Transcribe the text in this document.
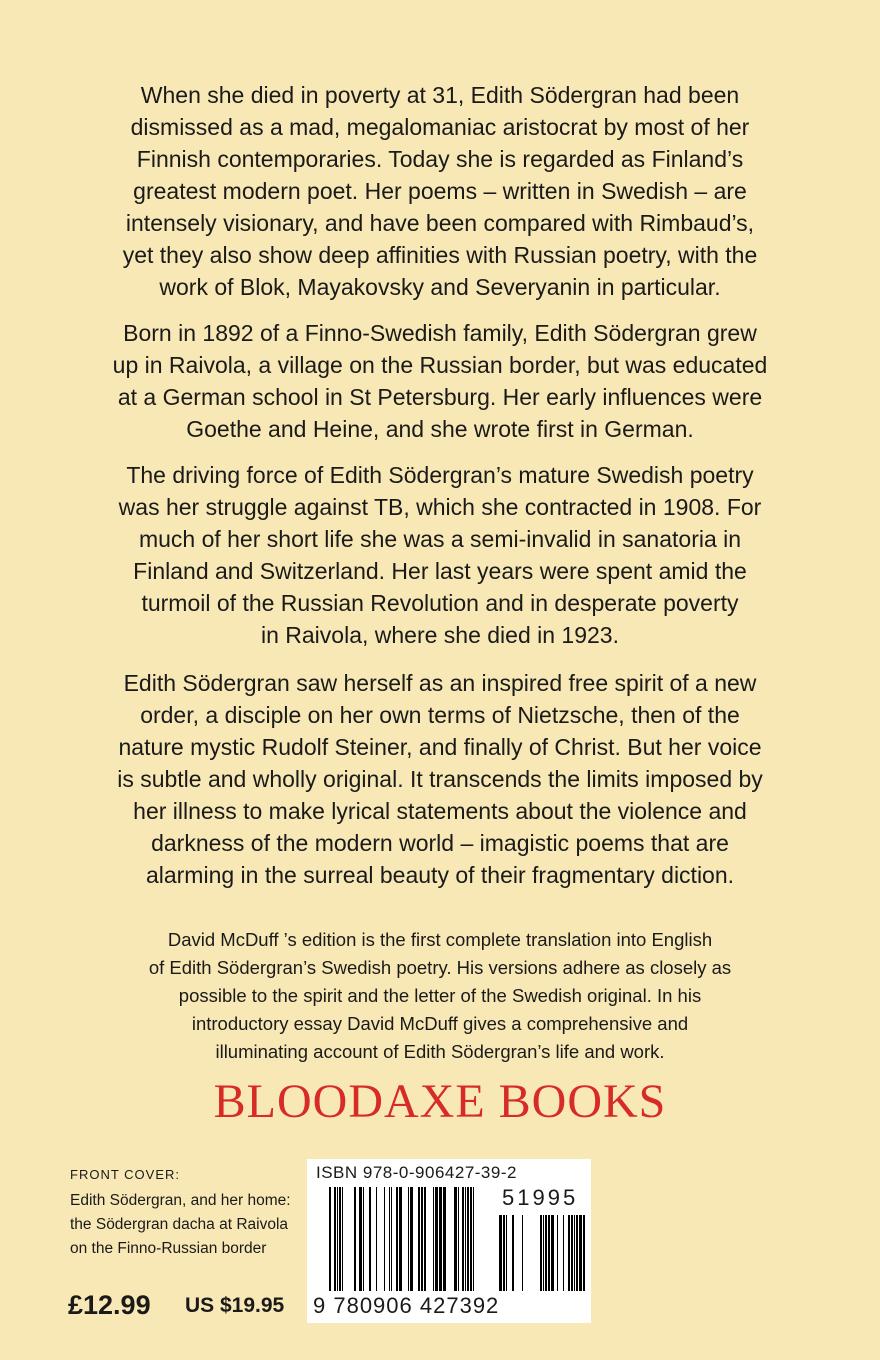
When she died in poverty at 31, Edith Södergran had been
dismissed as a mad, megalomaniac aristocrat by most of her
Finnish contemporaries. Today she is regarded as Finland’s
greatest modern poet. Her poems – written in Swedish – are
intensely visionary, and have been compared with Rimbaud’s,
yet they also show deep affinities with Russian poetry, with the
work of Blok, Mayakovsky and Severyanin in particular.
Born in 1892 of a Finno-Swedish family, Edith Södergran grew
up in Raivola, a village on the Russian border, but was educated
at a German school in St Petersburg. Her early influences were
Goethe and Heine, and she wrote first in German.
The driving force of Edith Södergran’s mature Swedish poetry
was her struggle against TB, which she contracted in 1908. For
much of her short life she was a semi-invalid in sanatoria in
Finland and Switzerland. Her last years were spent amid the
turmoil of the Russian Revolution and in desperate poverty
in Raivola, where she died in 1923.
Edith Södergran saw herself as an inspired free spirit of a new
order, a disciple on her own terms of Nietzsche, then of the
nature mystic Rudolf Steiner, and finally of Christ. But her voice
is subtle and wholly original. It transcends the limits imposed by
her illness to make lyrical statements about the violence and
darkness of the modern world – imagistic poems that are
alarming in the surreal beauty of their fragmentary diction.
David McDuff ’s edition is the first complete translation into English
of Edith Södergran’s Swedish poetry. His versions adhere as closely as
possible to the spirit and the letter of the Swedish original. In his
introductory essay David McDuff gives a comprehensive and
illuminating account of Edith Södergran’s life and work.
BLOODAXE BOOKS
FRONT COVER:
Edith Södergran, and her home:
the Södergran dacha at Raivola
on the Finno-Russian border
£12.99 US $19.95
ISBN 978-0-906427-39-2
51995
9 780906 427392
